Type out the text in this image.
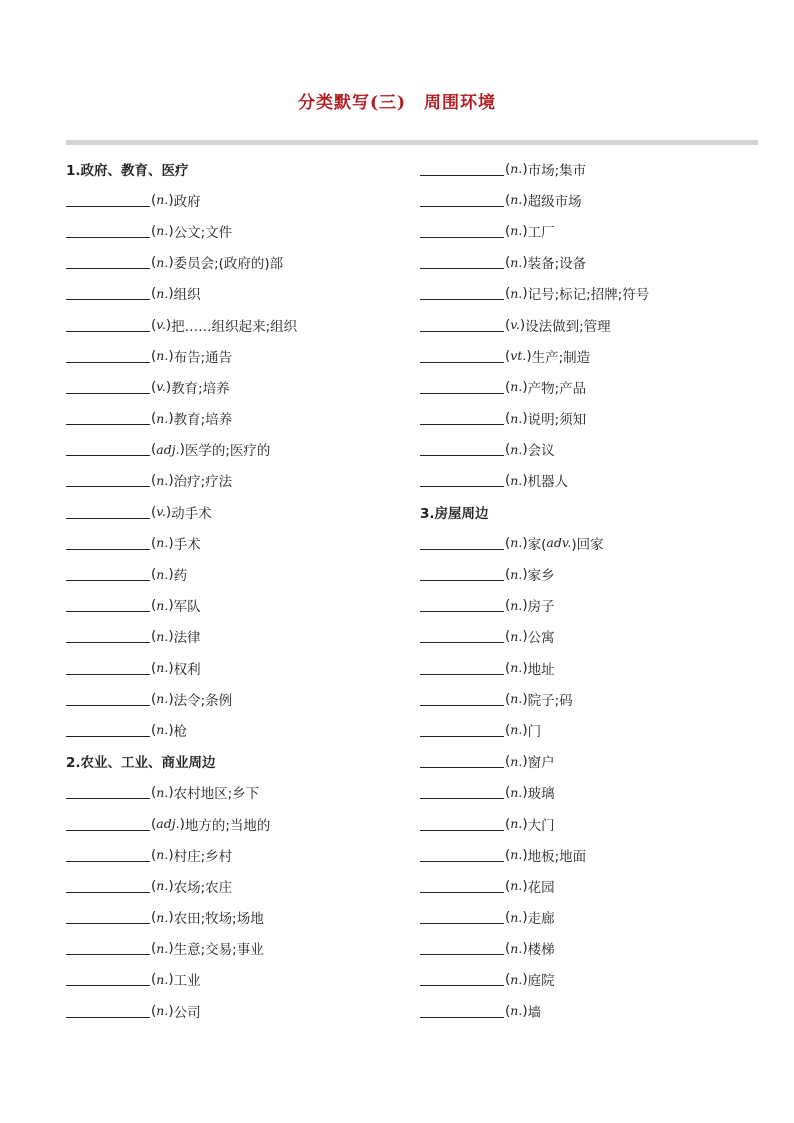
分类默写(三)　周围环境
1.政府、教育、医疗
( n. ) 政府
( n. ) 公文;文件
( n. ) 委员会;(政府的)部
( n. ) 组织
( v. ) 把……组织起来;组织
( n. ) 布告;通告
( v. ) 教育;培养
( n. ) 教育;培养
( adj. ) 医学的;医疗的
( n. ) 治疗;疗法
( v. ) 动手术
( n. ) 手术
( n. ) 药
( n. ) 军队
( n. ) 法律
( n. ) 权利
( n. ) 法令;条例
( n. ) 枪
2.农业、工业、商业周边
( n. ) 农村地区;乡下
( adj. ) 地方的;当地的
( n. ) 村庄;乡村
( n. ) 农场;农庄
( n. ) 农田;牧场;场地
( n. ) 生意;交易;事业
( n. ) 工业
( n. ) 公司
( n. ) 市场;集市
( n. ) 超级市场
( n. ) 工厂
( n. ) 装备;设备
( n. ) 记号;标记;招牌;符号
( v. ) 设法做到;管理
( vt. ) 生产;制造
( n. ) 产物;产品
( n. ) 说明;须知
( n. ) 会议
( n. ) 机器人
3.房屋周边
( n. ) 家( adv. )回家
( n. ) 家乡
( n. ) 房子
( n. ) 公寓
( n. ) 地址
( n. ) 院子;码
( n. ) 门
( n. ) 窗户
( n. ) 玻璃
( n. ) 大门
( n. ) 地板;地面
( n. ) 花园
( n. ) 走廊
( n. ) 楼梯
( n. ) 庭院
( n. ) 墙
